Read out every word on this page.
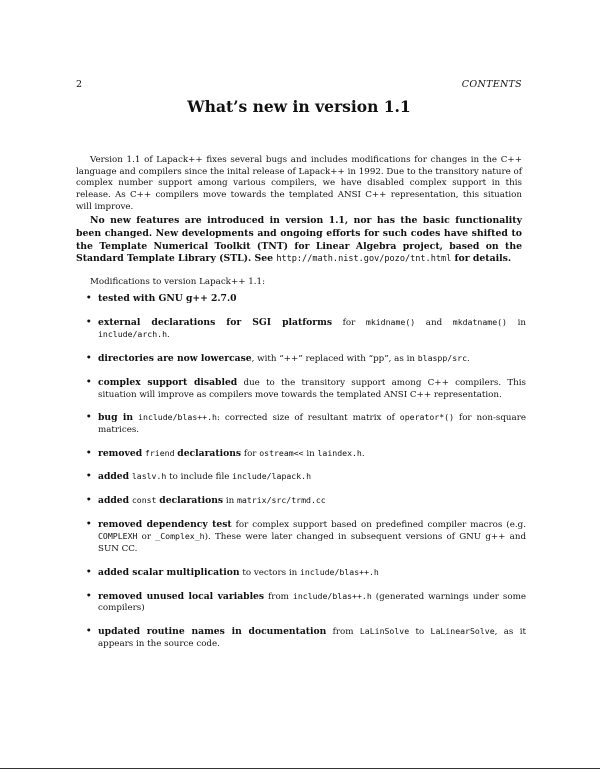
2	CONTENTS
What’s new in version 1.1

Version 1.1 of Lapack++ fixes several bugs and includes modifications for changes in the C++ language and compilers since the inital release of Lapack++ in 1992. Due to the transitory nature of complex number support among various compilers, we have disabled complex support in this release. As C++ compilers move towards the templated ANSI C++ representation, this situation will improve.

No new features are introduced in version 1.1, nor has the basic functionality been changed. New developments and ongoing efforts for such codes have shifted to the Template Numerical Toolkit (TNT) for Linear Algebra project, based on the Standard Template Library (STL). See http://math.nist.gov/pozo/tnt.html for details.

Modifications to version Lapack++ 1.1:

• tested with GNU g++ 2.7.0
• external declarations for SGI platforms for mkidname() and mkdatname() in include/arch.h.
• directories are now lowercase, with “++” replaced with “pp”, as in blaspp/src.
• complex support disabled due to the transitory support among C++ compilers. This situation will improve as compilers move towards the templated ANSI C++ representation.
• bug in include/blas++.h: corrected size of resultant matrix of operator*() for non-square matrices.
• removed friend declarations for ostream<< in laindex.h.
• added laslv.h to include file include/lapack.h
• added const declarations in matrix/src/trmd.cc
• removed dependency test for complex support based on predefined compiler macros (e.g. COMPLEXH or _Complex_h). These were later changed in subsequent versions of GNU g++ and SUN CC.
• added scalar multiplication to vectors in include/blas++.h
• removed unused local variables from include/blas++.h (generated warnings under some compilers)
• updated routine names in documentation from LaLinSolve to LaLinearSolve, as it appears in the source code.
